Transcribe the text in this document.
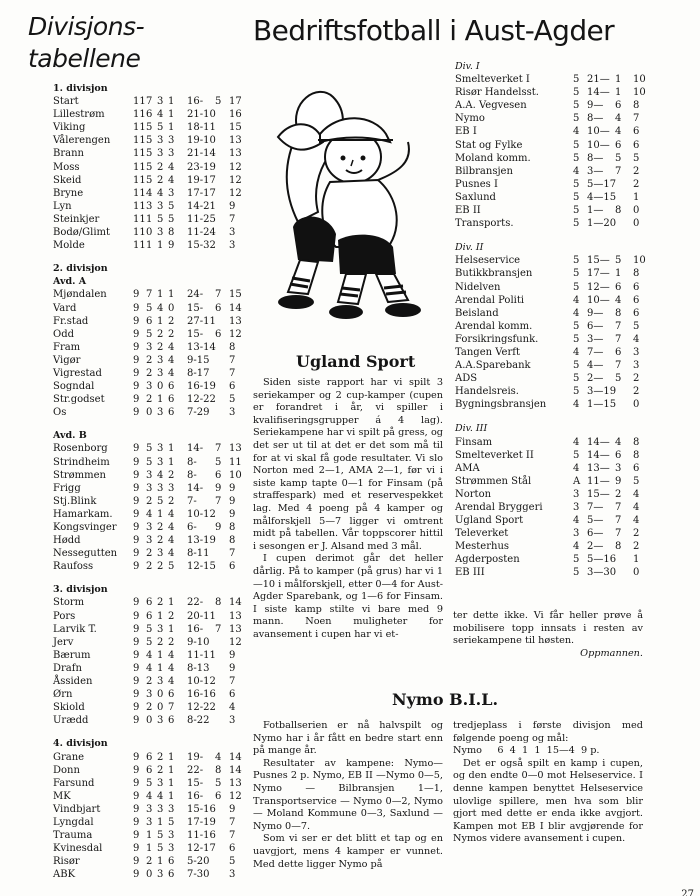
Divisjons-
tabellene
Bedriftsfotball i Aust-Agder
1. divisjon
Start	11 7 3 1 16- 5 17
Lillestrøm	11 6 4 1 21-10 16
Viking	11 5 5 1 18-11 15
Vålerengen 11 5 3 3 19-10 13
Brann	11 5 3 3 21-14 13
Moss	11 5 2 4 23-19 12
Skeid	11 5 2 4 19-17 12
Bryne	11 4 4 3 17-17 12
Lyn	11 3 3 5 14-21 9
Steinkjer	11 1 5 5 11-25 7
Bodø/Glimt 11 0 3 8 11-24 3
Molde	11 1 1 9 15-32 3
2. divisjon
Avd. A
Mjøndalen	9 7 1 1 24- 7 15
Vard	9 5 4 0 15- 6 14
Fr.stad	9 6 1 2 27-11 13
Odd	9 5 2 2 15- 6 12
Fram	9 3 2 4 13-14 8
Vigør	9 2 3 4 9-15 7
Vigrestad	9 2 3 4 8-17 7
Sogndal	9 3 0 6 16-19 6
Str.godset	9 2 1 6 12-22 5
Os	9 0 3 6 7-29 3
Avd. B
Rosenborg	9 5 3 1 14- 7 13
Strindheim 9 5 3 1 8- 5 11
Strømmen	9 3 4 2 8- 6 10
Frigg	9 3 3 3 14- 9 9
Stj.Blink	9 2 5 2 7- 7 9
Hamarkam. 9 4 1 4 10-12 9
Kongsvinger 9 3 2 4 6- 9 8
Hødd	9 3 2 4 13-19 8
Nessegutten 9 2 3 4 8-11 7
Raufoss	9 2 2 5 12-15 6
3. divisjon
Storm	9 6 2 1 22- 8 14
Pors	9 6 1 2 20-11 13
Larvik T.	9 5 3 1 16- 7 13
Jerv	9 5 2 2 9-10 12
Bærum	9 4 1 4 11-11 9
Drafn	9 4 1 4 8-13 9
Åssiden	9 2 3 4 10-12 7
Ørn	9 3 0 6 16-16 6
Skiold	9 2 0 7 12-22 4
Urædd	9 0 3 6 8-22 3
4. divisjon
Grane	9 6 2 1 19- 4 14
Donn	9 6 2 1 22- 8 14
Farsund	9 5 3 1 15- 5 13
MK	9 4 4 1 16- 6 12
Vindbjart	9 3 3 3 15-16 9
Lyngdal	9 3 1 5 17-19 7
Trauma	9 1 5 3 11-16 7
Kvinesdal	9 1 5 3 12-17 6
Risør	9 2 1 6 5-20 5
ABK	9 0 3 6 7-30 3
Ugland Sport

Siden siste rapport har vi spilt 3 seriekamper og 2 cup-kamper (cupen er forandret i år, vi spiller i kvalifiseringsgrupper á 4 lag). Seriekampene har vi spilt på gress, og det ser ut til at det er det som må til for at vi skal få gode resultater. Vi slo Norton med 2—1, AMA 2—1, før vi i siste kamp tapte 0—1 for Finsam (på straffespark) med et reservespekket lag. Med 4 poeng på 4 kamper og målforskjell 5—7 ligger vi omtrent midt på tabellen. Vår toppscorer hittil i sesongen er J. Alsand med 3 mål.

I cupen derimot går det heller dårlig. På to kamper (på grus) har vi 1—10 i målforskjell, etter 0—4 for Aust-Agder Sparebank, og 1—6 for Finsam. I siste kamp stilte vi bare med 9 mann. Noen muligheter for avansement i cupen har vi et-

ter dette ikke. Vi får heller prøve å mobilisere topp innsats i resten av seriekampene til høsten.

Oppmannen.

Div. I
Smelteverket I	5 21— 1 10
Risør Handelsst.	5 14— 1 10
A.A. Vegvesen	5 9— 6 8
Nymo	5 8— 4 7
EB I	4 10— 4 6
Stat og Fylke	5 10— 6 6
Moland komm.	5 8— 5 5
Bilbransjen	4 3— 7 2
Pusnes I	5 5—17 2
Saxlund	5 4—15 1
EB II	5 1— 8 0
Transports.	5 1—20 0
Div. II
Helseservice	5 15— 5 10
Butikkbransjen	5 17— 1 8
Nidelven	5 12— 6 6
Arendal Politi	4 10— 4 6
Beisland	4 9— 8 6
Arendal komm.	5 6— 7 5
Forsikringsfunk.	5 3— 7 4
Tangen Verft	4 7— 6 3
A.A.Sparebank	5 4— 7 3
ADS	5 2— 5 2
Handelsreis.	5 3—19 2
Bygningsbransjen	4 1—15 0
Div. III
Finsam	4 14— 4 8
Smelteverket II	5 14— 6 8
AMA	4 13— 3 6
Strømmen Stål	A 11— 9 5
Norton	3 15— 2 4
Arendal Bryggeri	3 7— 7 4
Ugland Sport	4 5— 7 4
Televerket	3 6— 7 2
Mesterhus	4 2— 8 2
Agderposten	5 5—16 1
EB III	5 3—30 0
Nymo B.I.L.

Fotballserien er nå halvspilt og Nymo har i år fått en bedre start enn på mange år.

Resultater av kampene: Nymo—Pusnes 2 p. Nymo, EB II —Nymo 0—5, Nymo — Bilbransjen 1—1, Transportservice — Nymo 0—2, Nymo — Moland Kommune 0—3, Saxlund — Nymo 0—7.

Som vi ser er det blitt et tap og en uavgjort, mens 4 kamper er vunnet. Med dette ligger Nymo på

tredjeplass i første divisjon med følgende poeng og mål:

Nymo     6  4  1  1  15—4  9 p.

Det er også spilt en kamp i cupen, og den endte 0—0 mot Helseservice. I denne kampen benyttet Helseservice ulovlige spillere, men hva som blir gjort med dette er enda ikke avgjort. Kampen mot EB I blir avgjørende for Nymos videre avansement i cupen.

27
